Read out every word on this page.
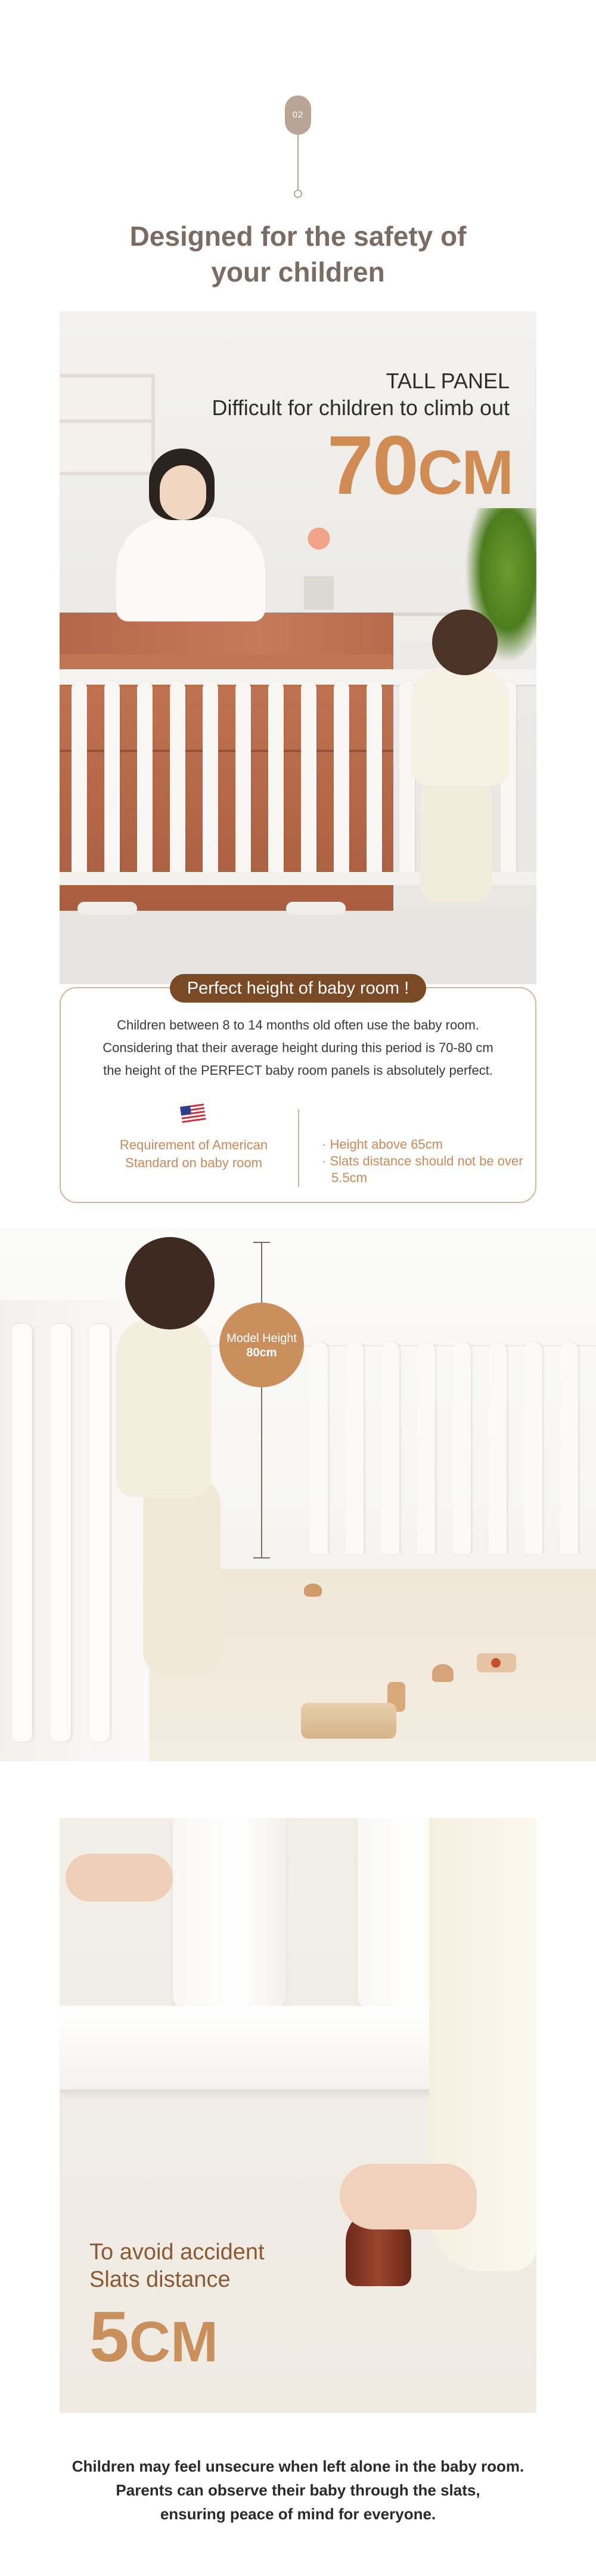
02
Designed for the safety of
your children
TALL PANEL
Difficult for children to climb out
70CM
Perfect height of baby room !
Children between 8 to 14 months old often use the baby room.
Considering that their average height during this period is 70-80 cm
the height of the PERFECT baby room panels is absolutely perfect.
Requirement of American
Standard on baby room
· Height above 65cm
· Slats distance should not be over 5.5cm
Model Height
80cm
To avoid accident
Slats distance
5CM
Children may feel unsecure when left alone in the baby room.
Parents can observe their baby through the slats,
ensuring peace of mind for everyone.
